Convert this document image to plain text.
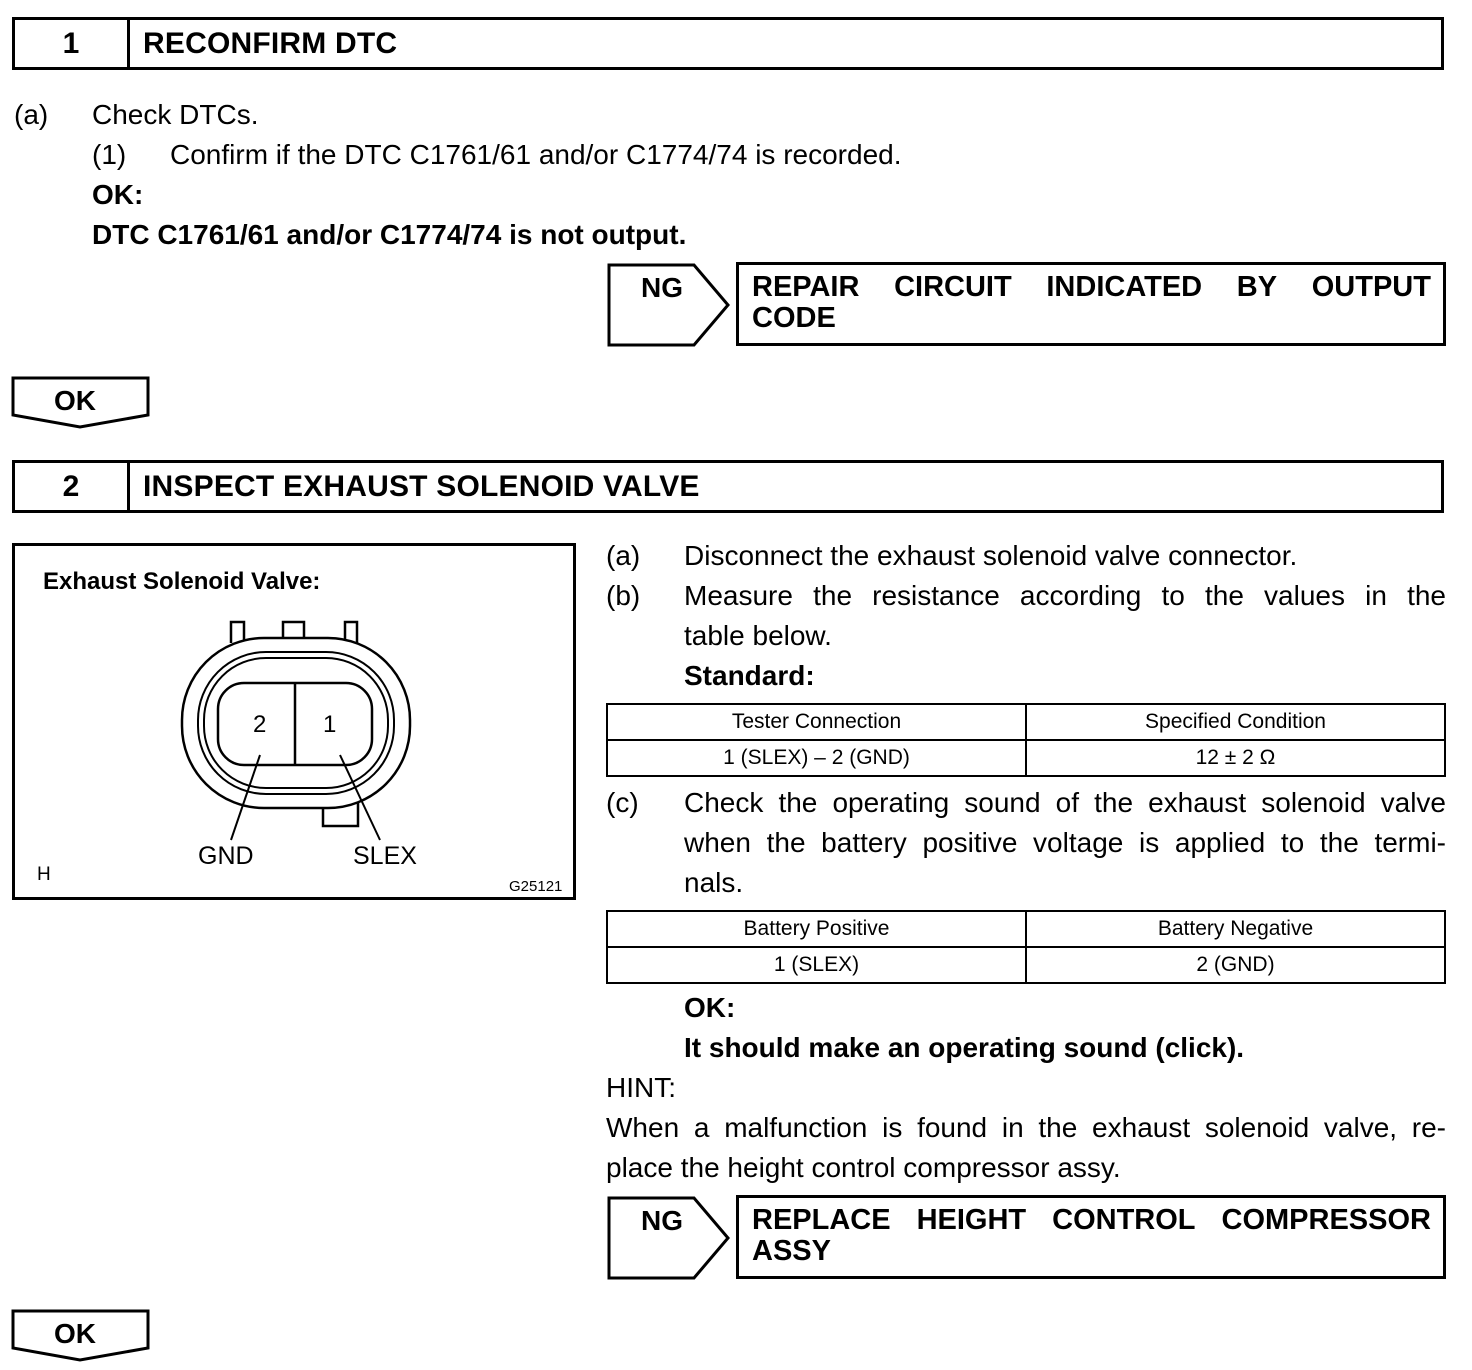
1	RECONFIRM DTC
(a) Check DTCs.
(1) Confirm if the DTC C1761/61 and/or C1774/74 is recorded.
OK:
DTC C1761/61 and/or C1774/74 is not output.
NG REPAIR CIRCUIT INDICATED BY OUTPUT
CODE
OK
2	INSPECT EXHAUST SOLENOID VALVE
Exhaust Solenoid Valve:
2 1
GND	SLEX
H
G25121
(a) Disconnect the exhaust solenoid valve connector.
(b) Measure the resistance according to the values in the
table below.
Standard:
Tester Connection	Specified Condition
1 (SLEX) – 2 (GND)	12 ± 2 Ω
(c) Check the operating sound of the exhaust solenoid valve
when the battery positive voltage is applied to the termi-
nals.
Battery Positive	Battery Negative
1 (SLEX)	2 (GND)
OK:
It should make an operating sound (click).
HINT:
When a malfunction is found in the exhaust solenoid valve, re-
place the height control compressor assy.
NG REPLACE HEIGHT CONTROL COMPRESSOR
ASSY
OK
